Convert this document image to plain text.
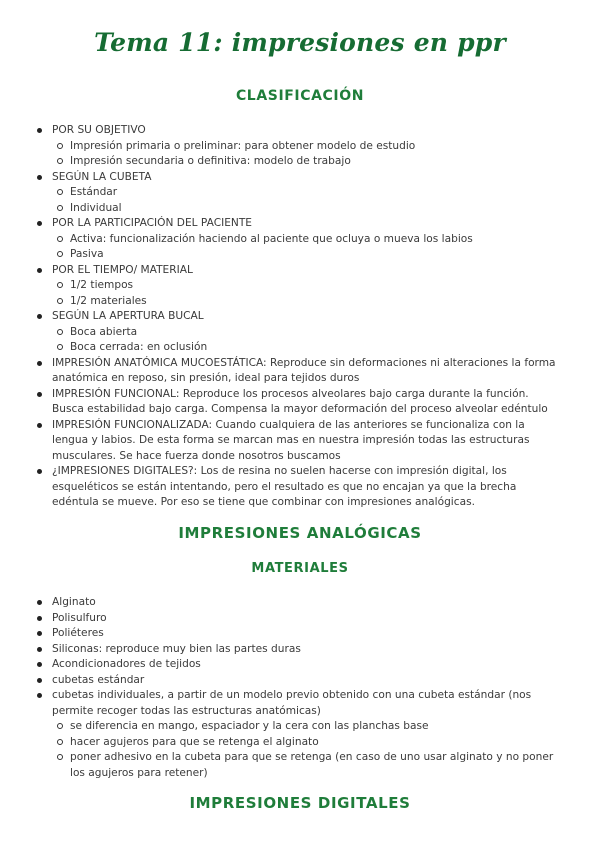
Tema 11: impresiones en ppr
CLASIFICACIÓN
POR SU OBJETIVO
Impresión primaria o preliminar: para obtener modelo de estudio
Impresión secundaria o definitiva: modelo de trabajo
SEGÚN LA CUBETA
Estándar
Individual
POR LA PARTICIPACIÓN DEL PACIENTE
Activa: funcionalización haciendo al paciente que ocluya o mueva los labios
Pasiva
POR EL TIEMPO/ MATERIAL
1/2 tiempos
1/2 materiales
SEGÚN LA APERTURA BUCAL
Boca abierta
Boca cerrada: en oclusión
IMPRESIÓN ANATÓMICA MUCOESTÁTICA: Reproduce sin deformaciones ni alteraciones la forma anatómica en reposo, sin presión, ideal para tejidos duros
IMPRESIÓN FUNCIONAL: Reproduce los procesos alveolares bajo carga durante la función. Busca estabilidad bajo carga. Compensa la mayor deformación del proceso alveolar edéntulo
IMPRESIÓN FUNCIONALIZADA: Cuando cualquiera de las anteriores se funcionaliza con la lengua y labios. De esta forma se marcan mas en nuestra impresión todas las estructuras musculares. Se hace fuerza donde nosotros buscamos
¿IMPRESIONES DIGITALES?: Los de resina no suelen hacerse con impresión digital, los esqueléticos se están intentando, pero el resultado es que no encajan ya que la brecha edéntula se mueve. Por eso se tiene que combinar con impresiones analógicas.
IMPRESIONES ANALÓGICAS
MATERIALES
Alginato
Polisulfuro
Poliéteres
Siliconas: reproduce muy bien las partes duras
Acondicionadores de tejidos
cubetas estándar
cubetas individuales, a partir de un modelo previo obtenido con una cubeta estándar (nos permite recoger todas las estructuras anatómicas)
se diferencia en mango, espaciador y la cera con las planchas base
hacer agujeros para que se retenga el alginato
poner adhesivo en la cubeta para que se retenga (en caso de uno usar alginato y no poner los agujeros para retener)
IMPRESIONES DIGITALES
